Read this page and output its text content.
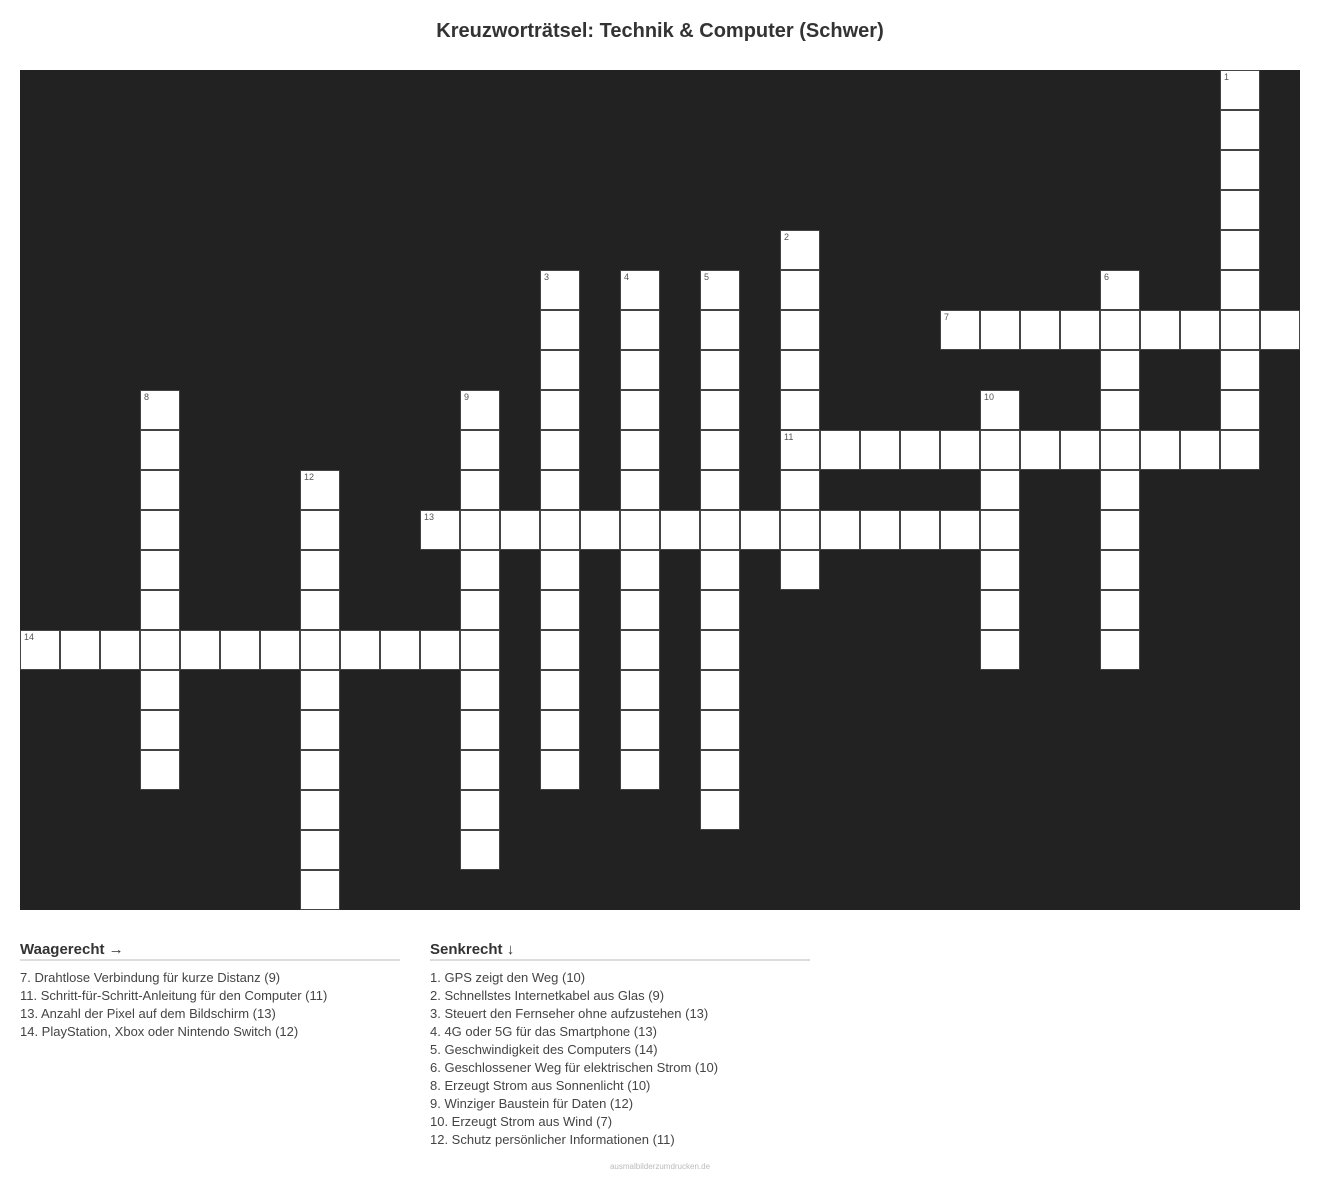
Kreuzworträtsel: Technik & Computer (Schwer)
1
2
11
3	4	5	6
7
8	9	10
12
13
14
Waagerecht →
7. Drahtlose Verbindung für kurze Distanz (9)
11. Schritt-für-Schritt-Anleitung für den Computer (11)
13. Anzahl der Pixel auf dem Bildschirm (13)
14. PlayStation, Xbox oder Nintendo Switch (12)
Senkrecht ↓
1. GPS zeigt den Weg (10)
2. Schnellstes Internetkabel aus Glas (9)
3. Steuert den Fernseher ohne aufzustehen (13)
4. 4G oder 5G für das Smartphone (13)
5. Geschwindigkeit des Computers (14)
6. Geschlossener Weg für elektrischen Strom (10)
8. Erzeugt Strom aus Sonnenlicht (10)
9. Winziger Baustein für Daten (12)
10. Erzeugt Strom aus Wind (7)
12. Schutz persönlicher Informationen (11)
ausmalbilderzumdrucken.de
